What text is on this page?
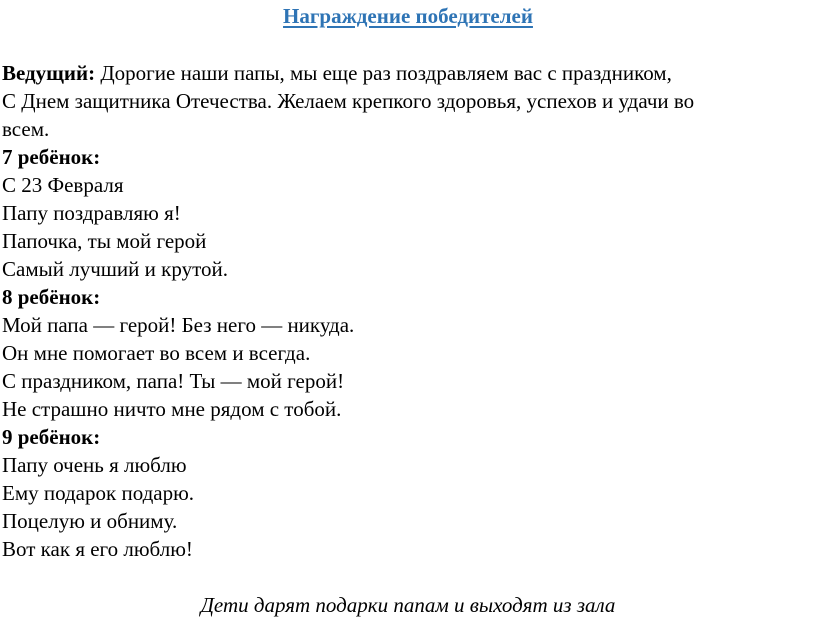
Награждение победителей
Ведущий: Дорогие наши папы, мы еще раз поздравляем вас с праздником,
С Днем защитника Отечества. Желаем крепкого здоровья, успехов и удачи во
всем.
7 ребёнок:
С 23 Февраля
Папу поздравляю я!
Папочка, ты мой герой
Самый лучший и крутой.
8 ребёнок:
Мой папа — герой! Без него — никуда.
Он мне помогает во всем и всегда.
С праздником, папа! Ты — мой герой!
Не страшно ничто мне рядом с тобой.
9 ребёнок:
Папу очень я люблю
Ему подарок подарю.
Поцелую и обниму.
Вот как я его люблю!
Дети дарят подарки папам и выходят из зала
